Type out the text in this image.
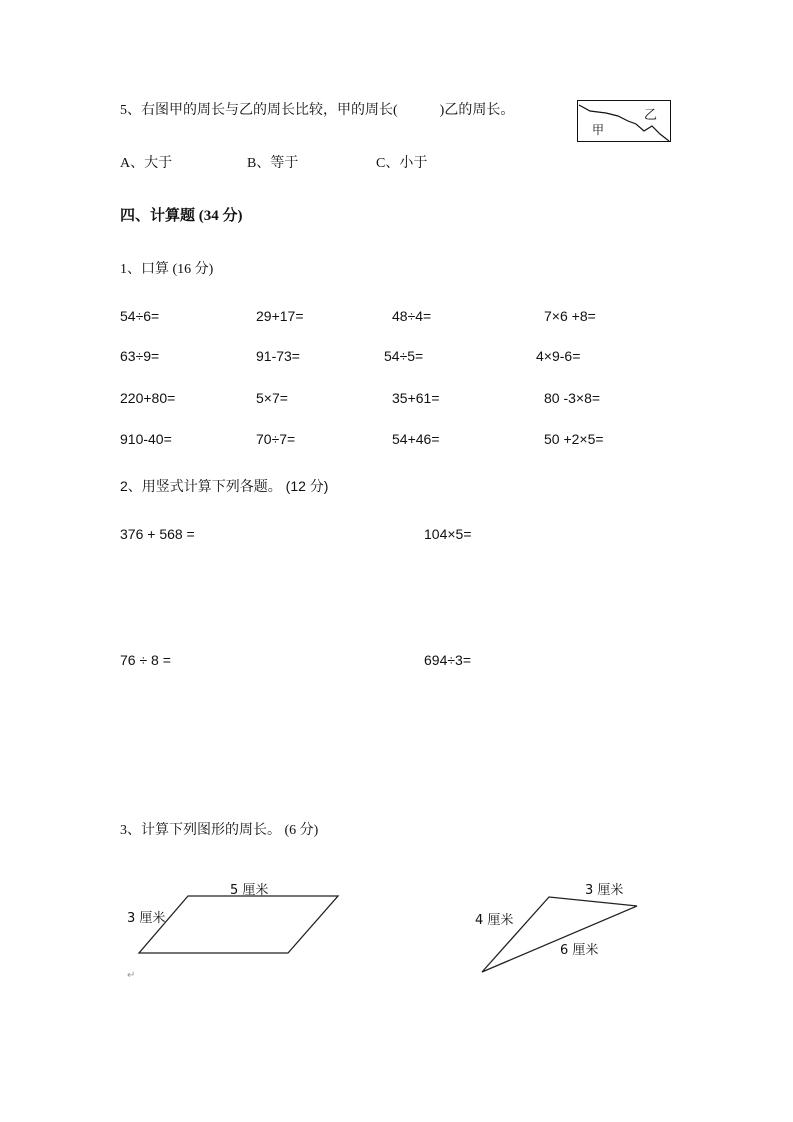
5、右图甲的周长与乙的周长比较，甲的周长(　　　)乙的周长。
甲
乙
A、大于	B、等于	C、小于
四、计算题 (34 分)
1、口算 (16 分)
54÷6=	29+17=	48÷4=	7×6 +8=
63÷9=	91-73=	54÷5=	4×9-6=
220+80=	5×7=	35+61=	80 -3×8=
910-40=	70÷7=	54+46=	50 +2×5=
2、用竖式计算下列各题。 (12 分)
376 + 568 =	104×5=
76 ÷ 8 =	694÷3=
3、计算下列图形的周长。 (6 分)
5 厘米
3 厘米
↵
3 厘米
4 厘米
6 厘米
